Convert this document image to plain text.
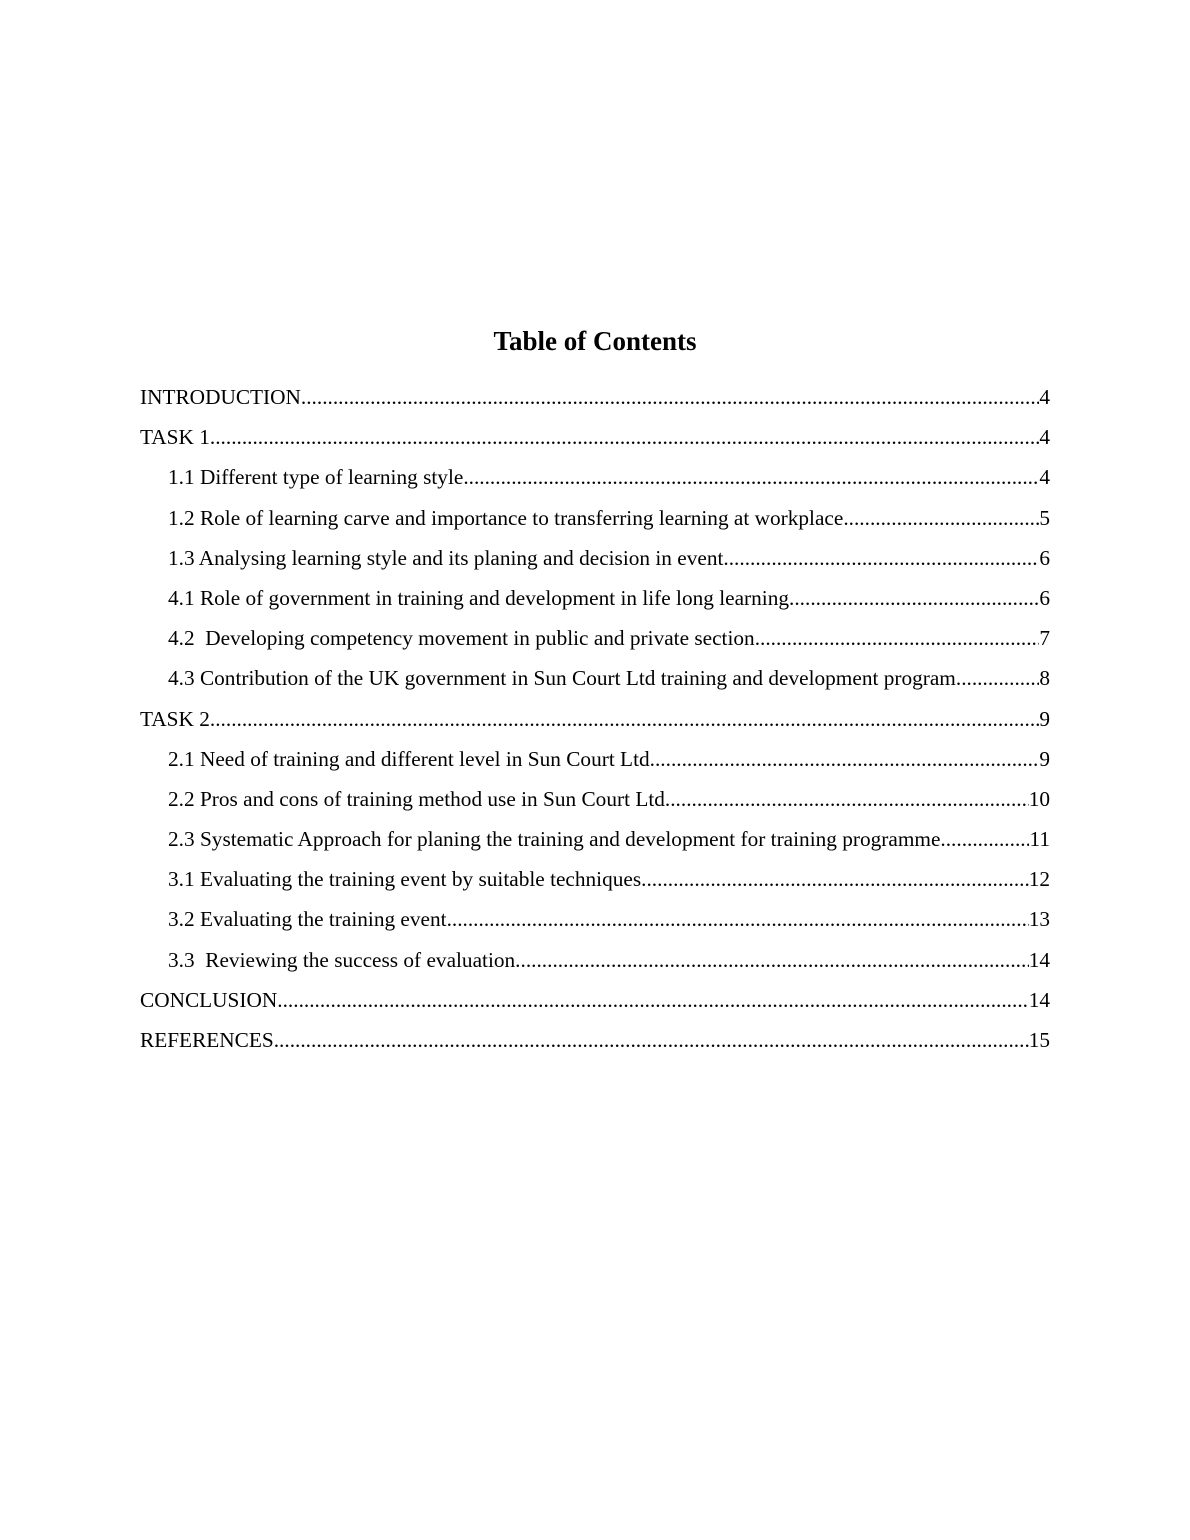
Table of Contents
INTRODUCTION .....	4
TASK 1 .....	4
1.1 Different type of learning style .....	4
1.2 Role of learning carve and importance to transferring learning at workplace .....	5
1.3 Analysing learning style and its planing and decision in event .....	6
4.1 Role of government in training and development in life long learning .....	6
4.2  Developing competency movement in public and private section .....	7
4.3 Contribution of the UK government in Sun Court Ltd training and development program .....	8
TASK 2 .....	9
2.1 Need of training and different level in Sun Court Ltd .....	9
2.2 Pros and cons of training method use in Sun Court Ltd .....	10
2.3 Systematic Approach for planing the training and development for training programme .....	11
3.1 Evaluating the training event by suitable techniques .....	12
3.2 Evaluating the training event .....	13
3.3  Reviewing the success of evaluation .....	14
CONCLUSION .....	14
REFERENCES .....	15
